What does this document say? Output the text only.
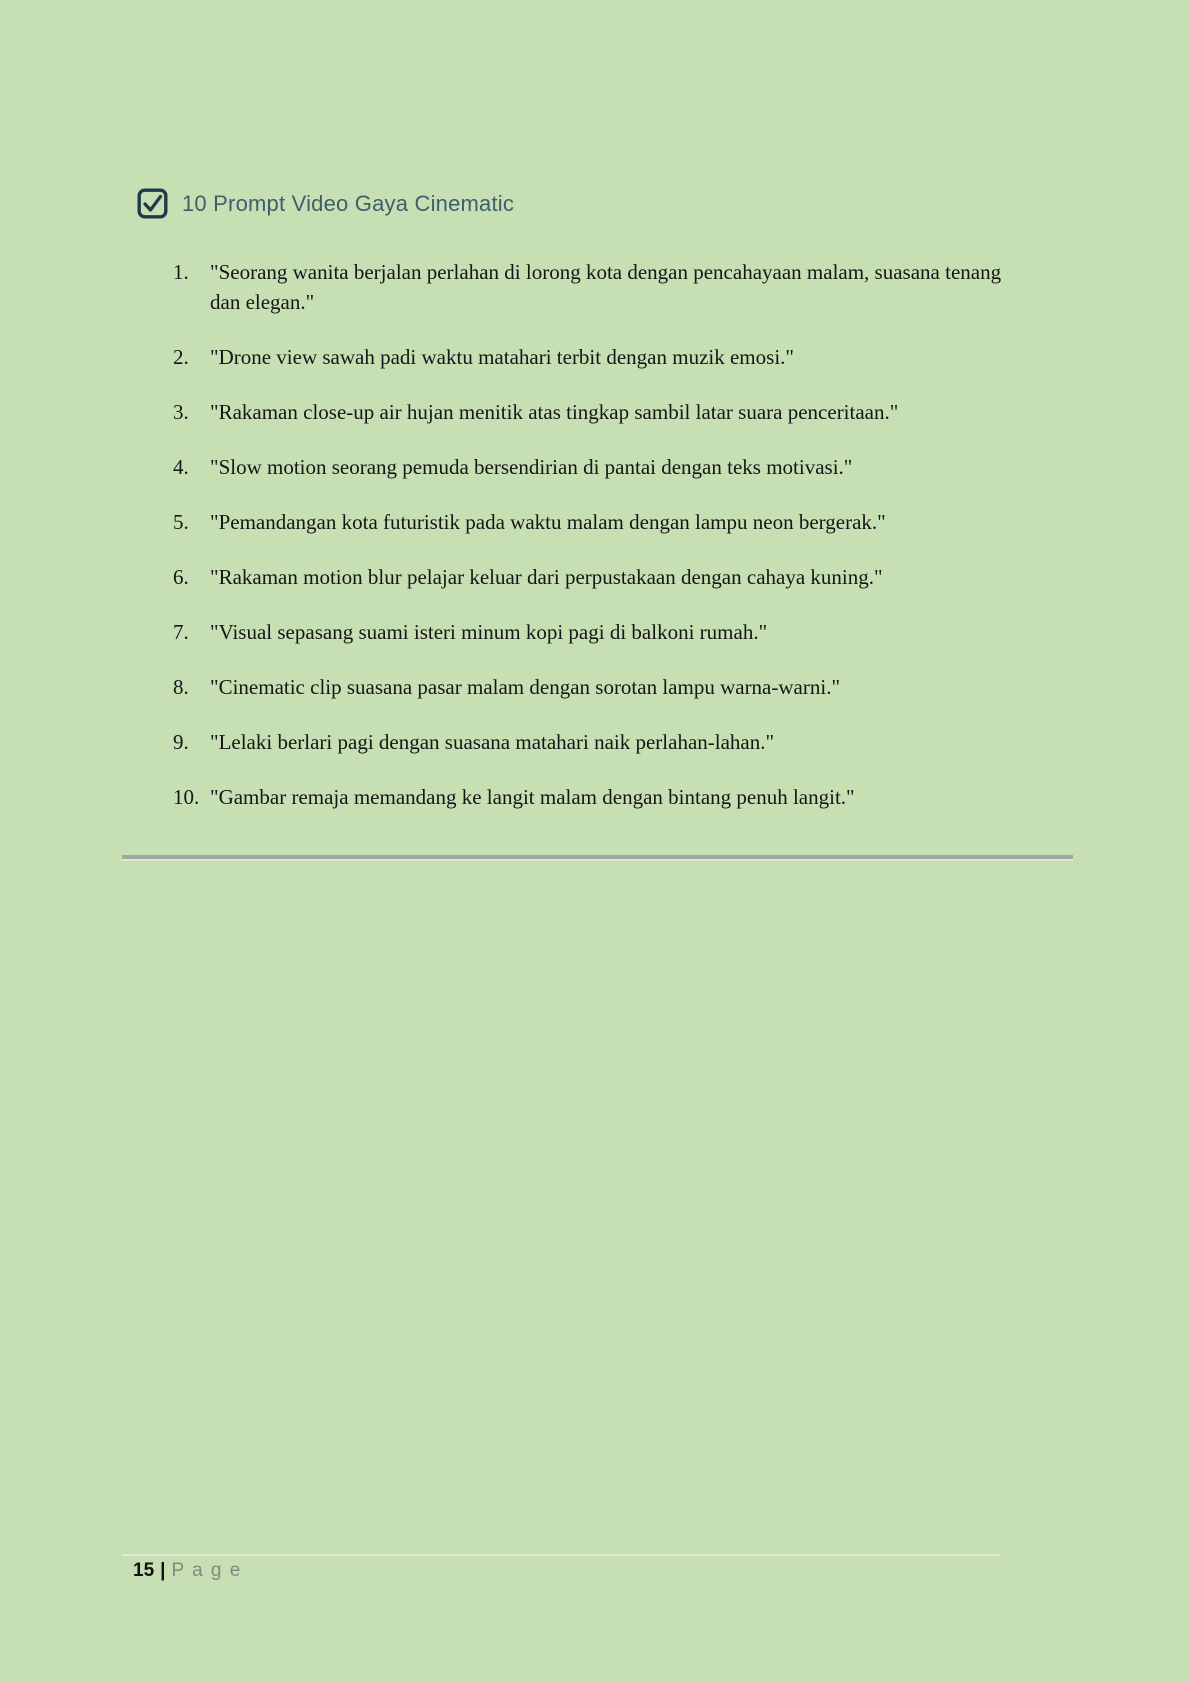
10 Prompt Video Gaya Cinematic
1.	"Seorang wanita berjalan perlahan di lorong kota dengan pencahayaan malam, suasana tenang dan elegan."
2.	"Drone view sawah padi waktu matahari terbit dengan muzik emosi."
3.	"Rakaman close-up air hujan menitik atas tingkap sambil latar suara penceritaan."
4.	"Slow motion seorang pemuda bersendirian di pantai dengan teks motivasi."
5.	"Pemandangan kota futuristik pada waktu malam dengan lampu neon bergerak."
6.	"Rakaman motion blur pelajar keluar dari perpustakaan dengan cahaya kuning."
7.	"Visual sepasang suami isteri minum kopi pagi di balkoni rumah."
8.	"Cinematic clip suasana pasar malam dengan sorotan lampu warna-warni."
9.	"Lelaki berlari pagi dengan suasana matahari naik perlahan-lahan."
10. "Gambar remaja memandang ke langit malam dengan bintang penuh langit."
15 | P a g e
